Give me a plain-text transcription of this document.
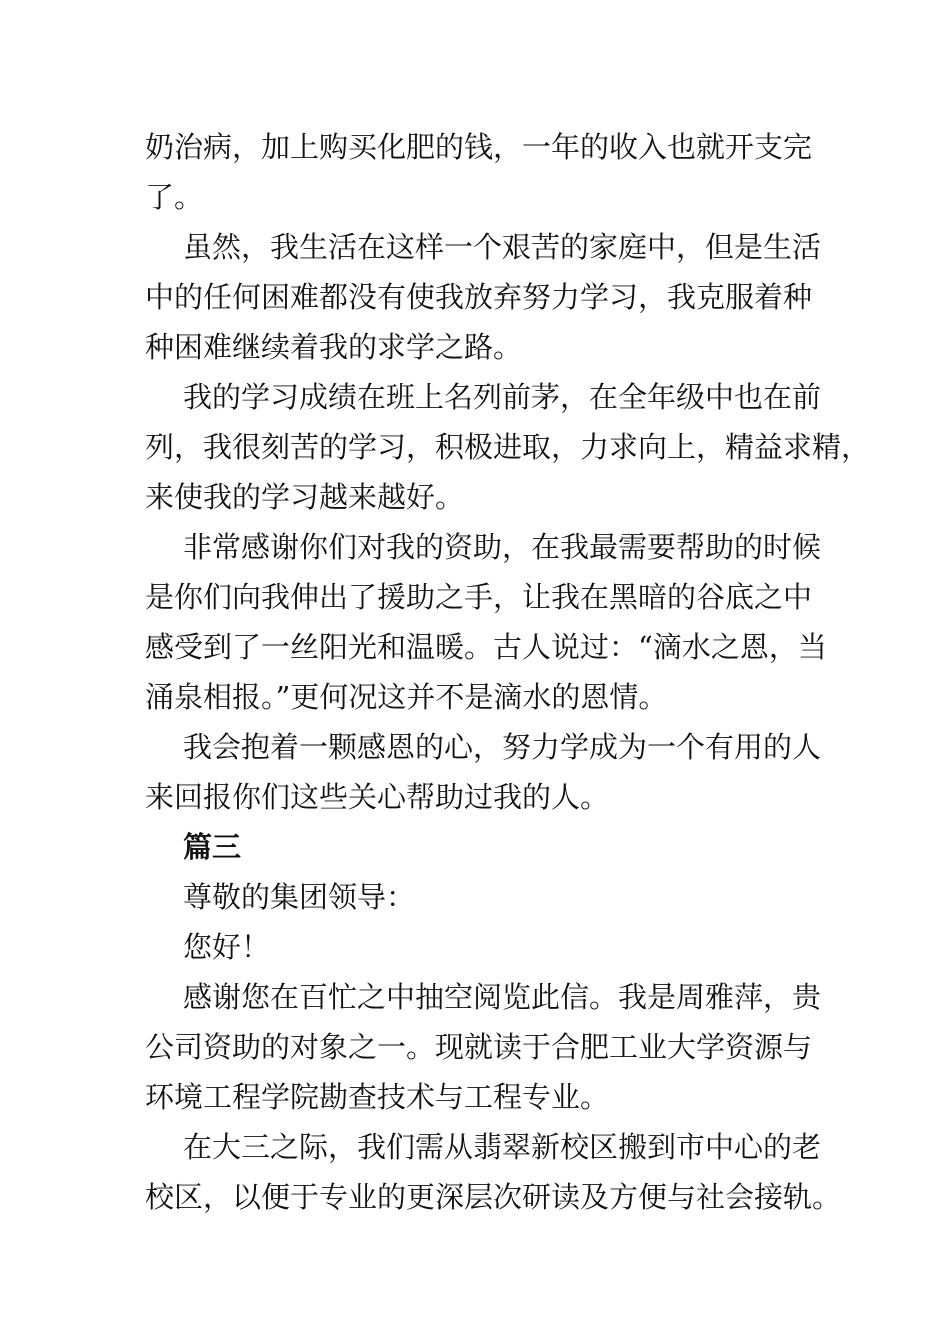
奶治病，加上购买化肥的钱，一年的收入也就开支完

了。

虽然，我生活在这样一个艰苦的家庭中，但是生活

中的任何困难都没有使我放弃努力学习，我克服着种

种困难继续着我的求学之路。

我的学习成绩在班上名列前茅，在全年级中也在前

列，我很刻苦的学习，积极进取，力求向上，精益求精，

来使我的学习越来越好。

非常感谢你们对我的资助，在我最需要帮助的时候

是你们向我伸出了援助之手，让我在黑暗的谷底之中

感受到了一丝阳光和温暖。古人说过：“滴水之恩，当

涌泉相报。”更何况这并不是滴水的恩情。

我会抱着一颗感恩的心，努力学成为一个有用的人

来回报你们这些关心帮助过我的人。

篇三

尊敬的集团领导：

您好！

感谢您在百忙之中抽空阅览此信。我是周雅萍，贵

公司资助的对象之一。现就读于合肥工业大学资源与

环境工程学院勘查技术与工程专业。

在大三之际，我们需从翡翠新校区搬到市中心的老

校区，以便于专业的更深层次研读及方便与社会接轨。
